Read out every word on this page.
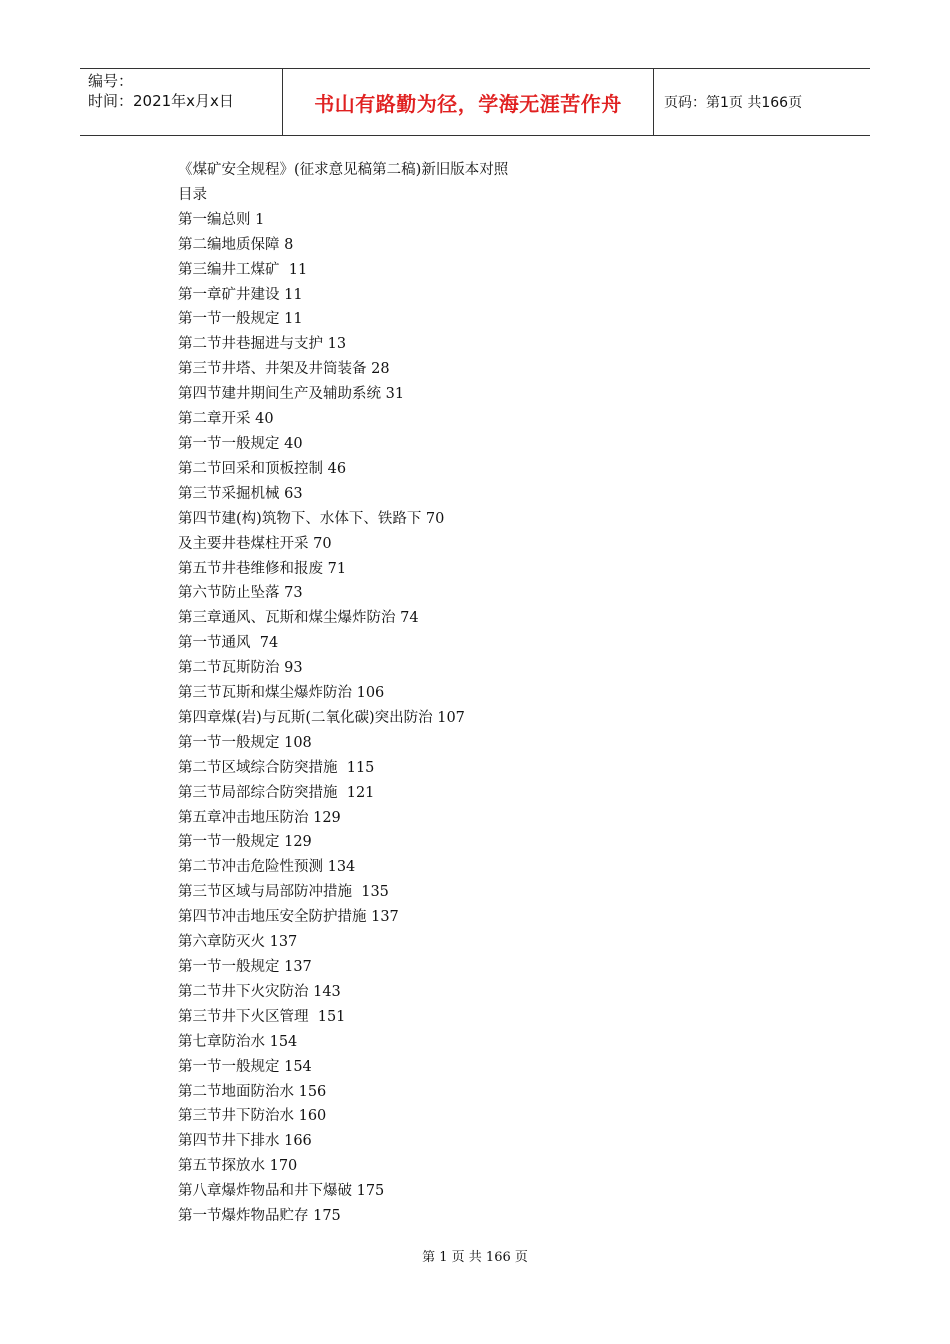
编号：
时间：2021年x月x日	书山有路勤为径，学海无涯苦作舟	页码：第1页 共166页
《煤矿安全规程》(征求意见稿第二稿)新旧版本对照
目录
第一编总则 1
第二编地质保障 8
第三编井工煤矿  11
第一章矿井建设 11
第一节一般规定 11
第二节井巷掘进与支护 13
第三节井塔、井架及井筒装备 28
第四节建井期间生产及辅助系统 31
第二章开采 40
第一节一般规定 40
第二节回采和顶板控制 46
第三节采掘机械 63
第四节建(构)筑物下、水体下、铁路下 70
及主要井巷煤柱开采 70
第五节井巷维修和报废 71
第六节防止坠落 73
第三章通风、瓦斯和煤尘爆炸防治 74
第一节通风  74
第二节瓦斯防治 93
第三节瓦斯和煤尘爆炸防治 106
第四章煤(岩)与瓦斯(二氧化碳)突出防治 107
第一节一般规定 108
第二节区域综合防突措施  115
第三节局部综合防突措施  121
第五章冲击地压防治 129
第一节一般规定 129
第二节冲击危险性预测 134
第三节区域与局部防冲措施  135
第四节冲击地压安全防护措施 137
第六章防灭火 137
第一节一般规定 137
第二节井下火灾防治 143
第三节井下火区管理  151
第七章防治水 154
第一节一般规定 154
第二节地面防治水 156
第三节井下防治水 160
第四节井下排水 166
第五节探放水 170
第八章爆炸物品和井下爆破 175
第一节爆炸物品贮存 175
第 1 页 共 166 页
